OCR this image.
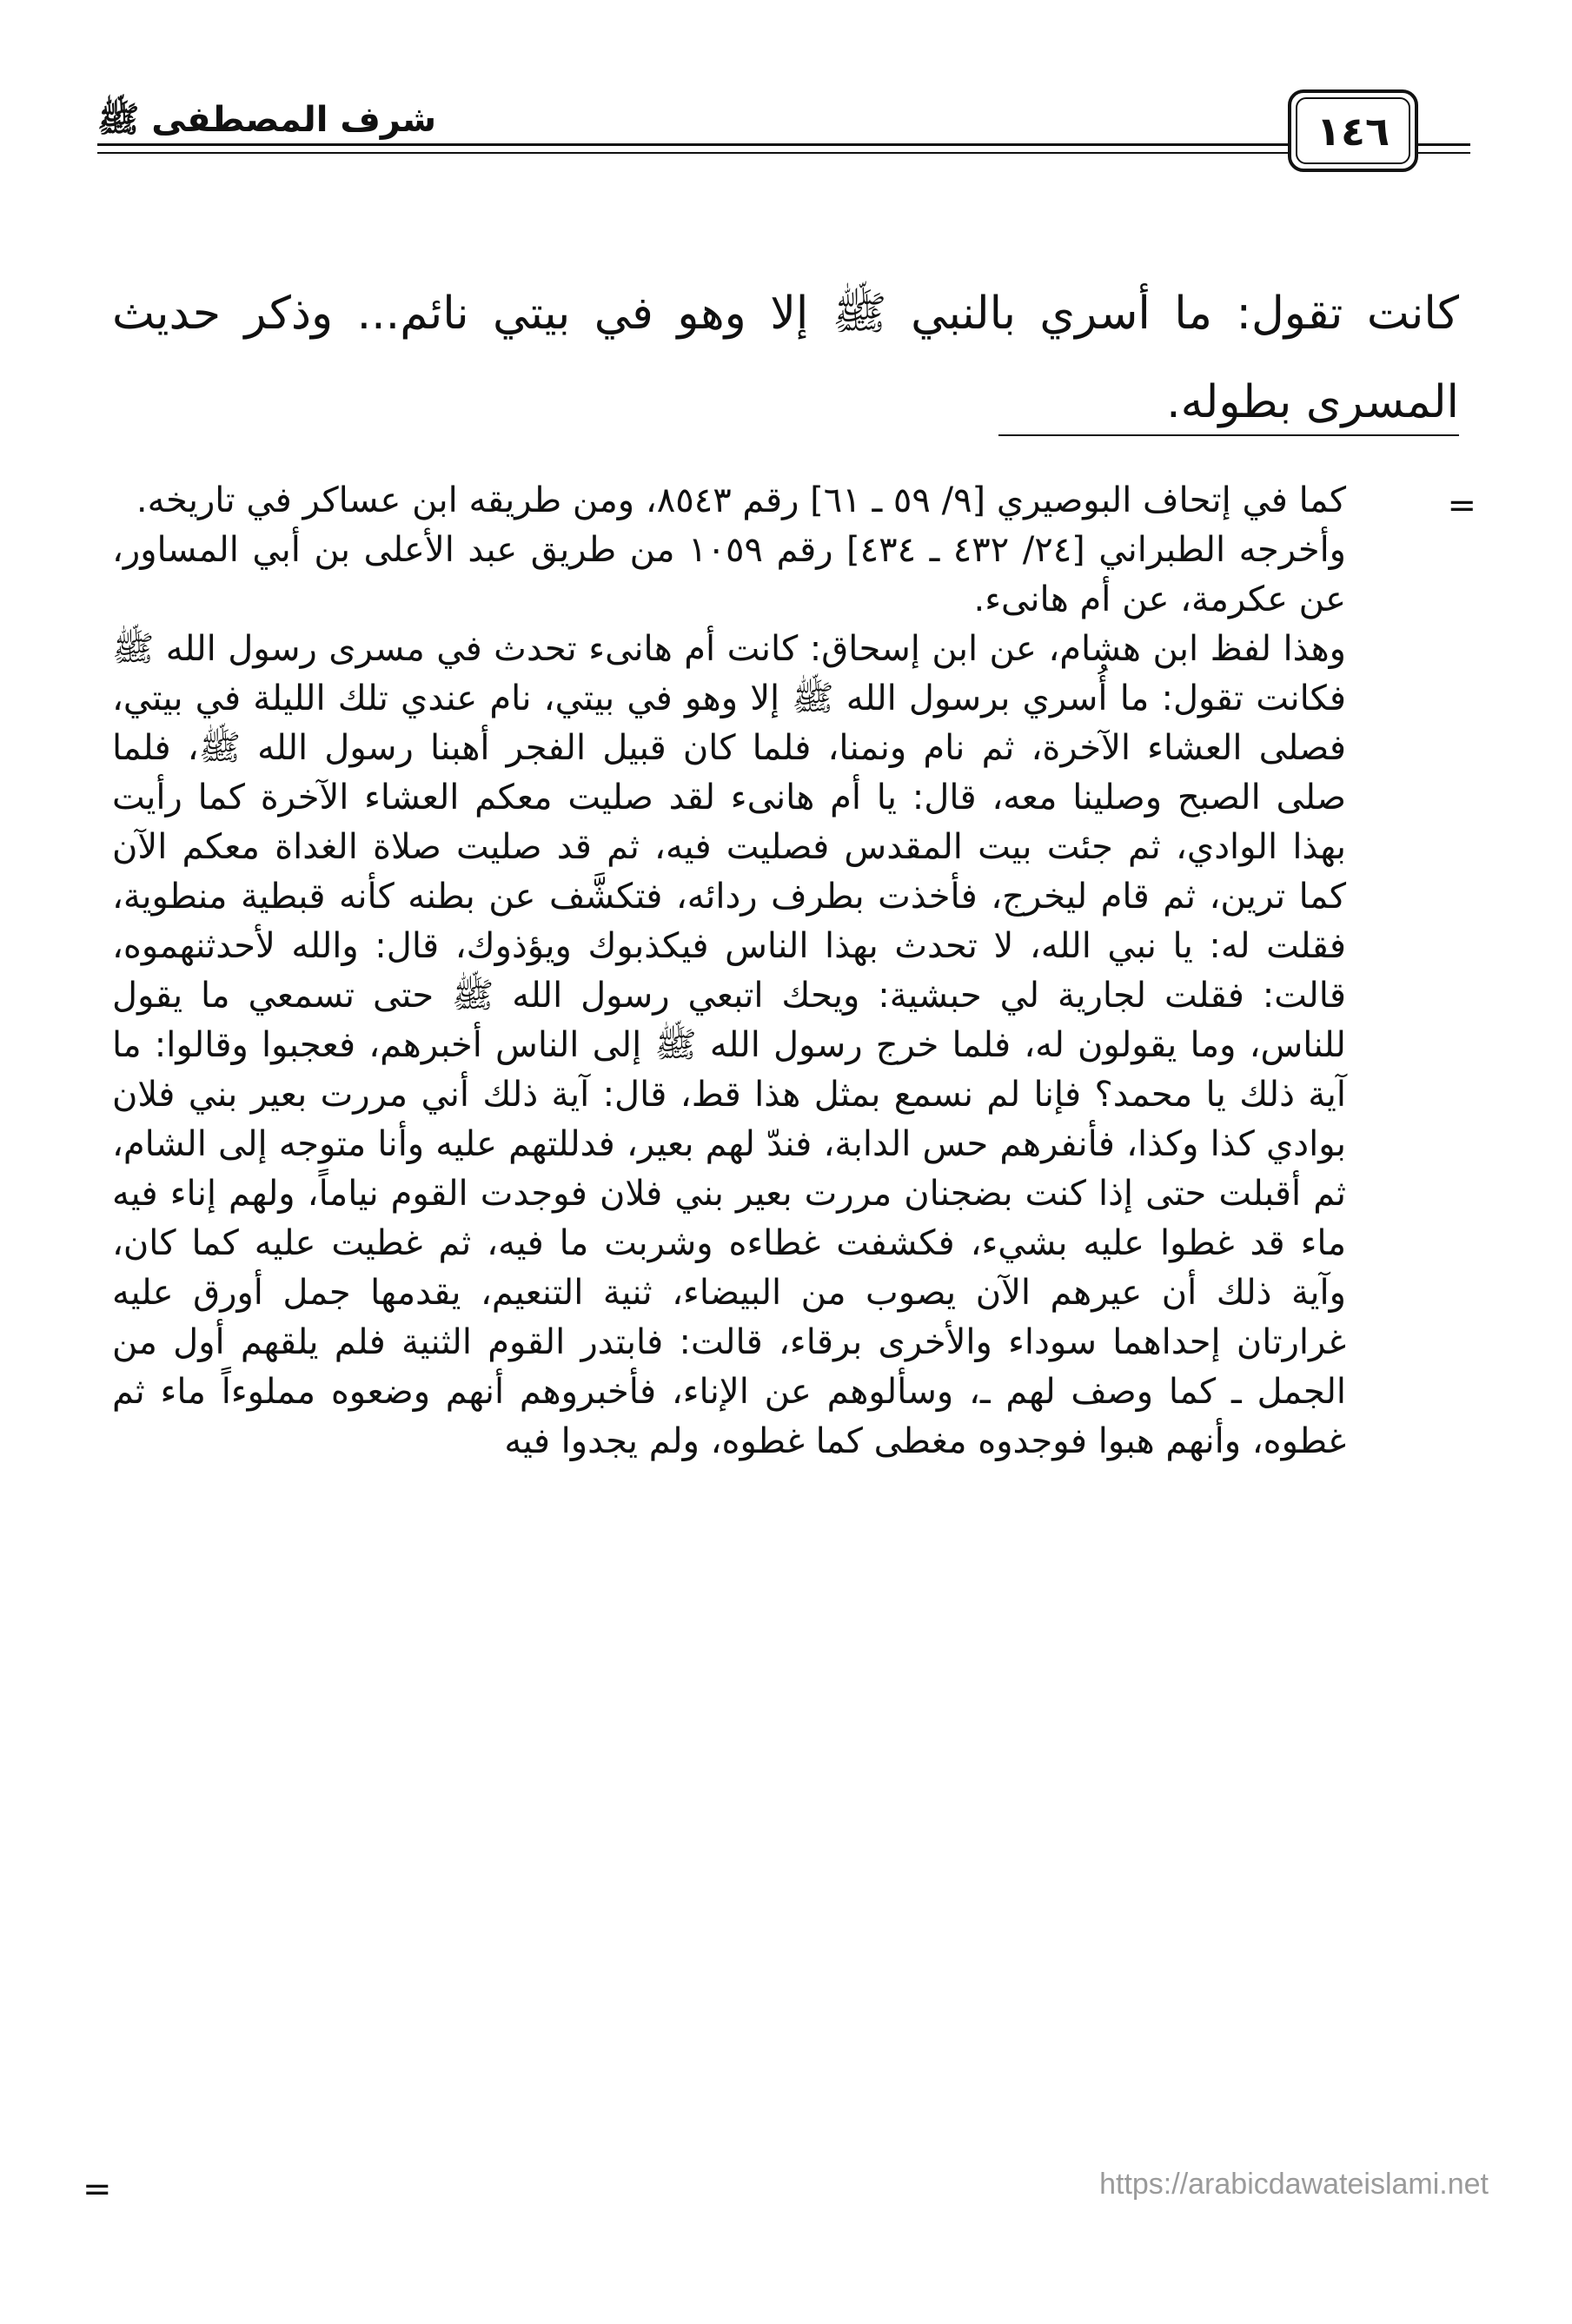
١٤٦
شرف المصطفى ﷺ

كانت تقول: ما أسري بالنبي ﷺ إلا وهو في بيتي نائم... وذكر حديث المسرى بطوله.

=

كما في إتحاف البوصيري [٩/ ٥٩ ـ ٦١] رقم ٨٥٤٣، ومن طريقه ابن عساكر في تاريخه.

وأخرجه الطبراني [٢٤/ ٤٣٢ ـ ٤٣٤] رقم ١٠٥٩ من طريق عبد الأعلى بن أبي المساور، عن عكرمة، عن أم هانىء.

وهذا لفظ ابن هشام، عن ابن إسحاق: كانت أم هانىء تحدث في مسرى رسول الله ﷺ فكانت تقول: ما أُسري برسول الله ﷺ إلا وهو في بيتي، نام عندي تلك الليلة في بيتي، فصلى العشاء الآخرة، ثم نام ونمنا، فلما كان قبيل الفجر أهبنا رسول الله ﷺ، فلما صلى الصبح وصلينا معه، قال: يا أم هانىء لقد صليت معكم العشاء الآخرة كما رأيت بهذا الوادي، ثم جئت بيت المقدس فصليت فيه، ثم قد صليت صلاة الغداة معكم الآن كما ترين، ثم قام ليخرج، فأخذت بطرف ردائه، فتكشَّف عن بطنه كأنه قبطية منطوية، فقلت له: يا نبي الله، لا تحدث بهذا الناس فيكذبوك ويؤذوك، قال: والله لأحدثنهموه، قالت: فقلت لجارية لي حبشية: ويحك اتبعي رسول الله ﷺ حتى تسمعي ما يقول للناس، وما يقولون له، فلما خرج رسول الله ﷺ إلى الناس أخبرهم، فعجبوا وقالوا: ما آية ذلك يا محمد؟ فإنا لم نسمع بمثل هذا قط، قال: آية ذلك أني مررت بعير بني فلان بوادي كذا وكذا، فأنفرهم حس الدابة، فندّ لهم بعير، فدللتهم عليه وأنا متوجه إلى الشام، ثم أقبلت حتى إذا كنت بضجنان مررت بعير بني فلان فوجدت القوم نياماً، ولهم إناء فيه ماء قد غطوا عليه بشيء، فكشفت غطاءه وشربت ما فيه، ثم غطيت عليه كما كان، وآية ذلك أن عيرهم الآن يصوب من البيضاء، ثنية التنعيم، يقدمها جمل أورق عليه غرارتان إحداهما سوداء والأخرى برقاء، قالت: فابتدر القوم الثنية فلم يلقهم أول من الجمل ـ كما وصف لهم ـ، وسألوهم عن الإناء، فأخبروهم أنهم وضعوه مملوءاً ماء ثم غطوه، وأنهم هبوا فوجدوه مغطى كما غطوه، ولم يجدوا فيه

=	https://arabicdawateislami.net
